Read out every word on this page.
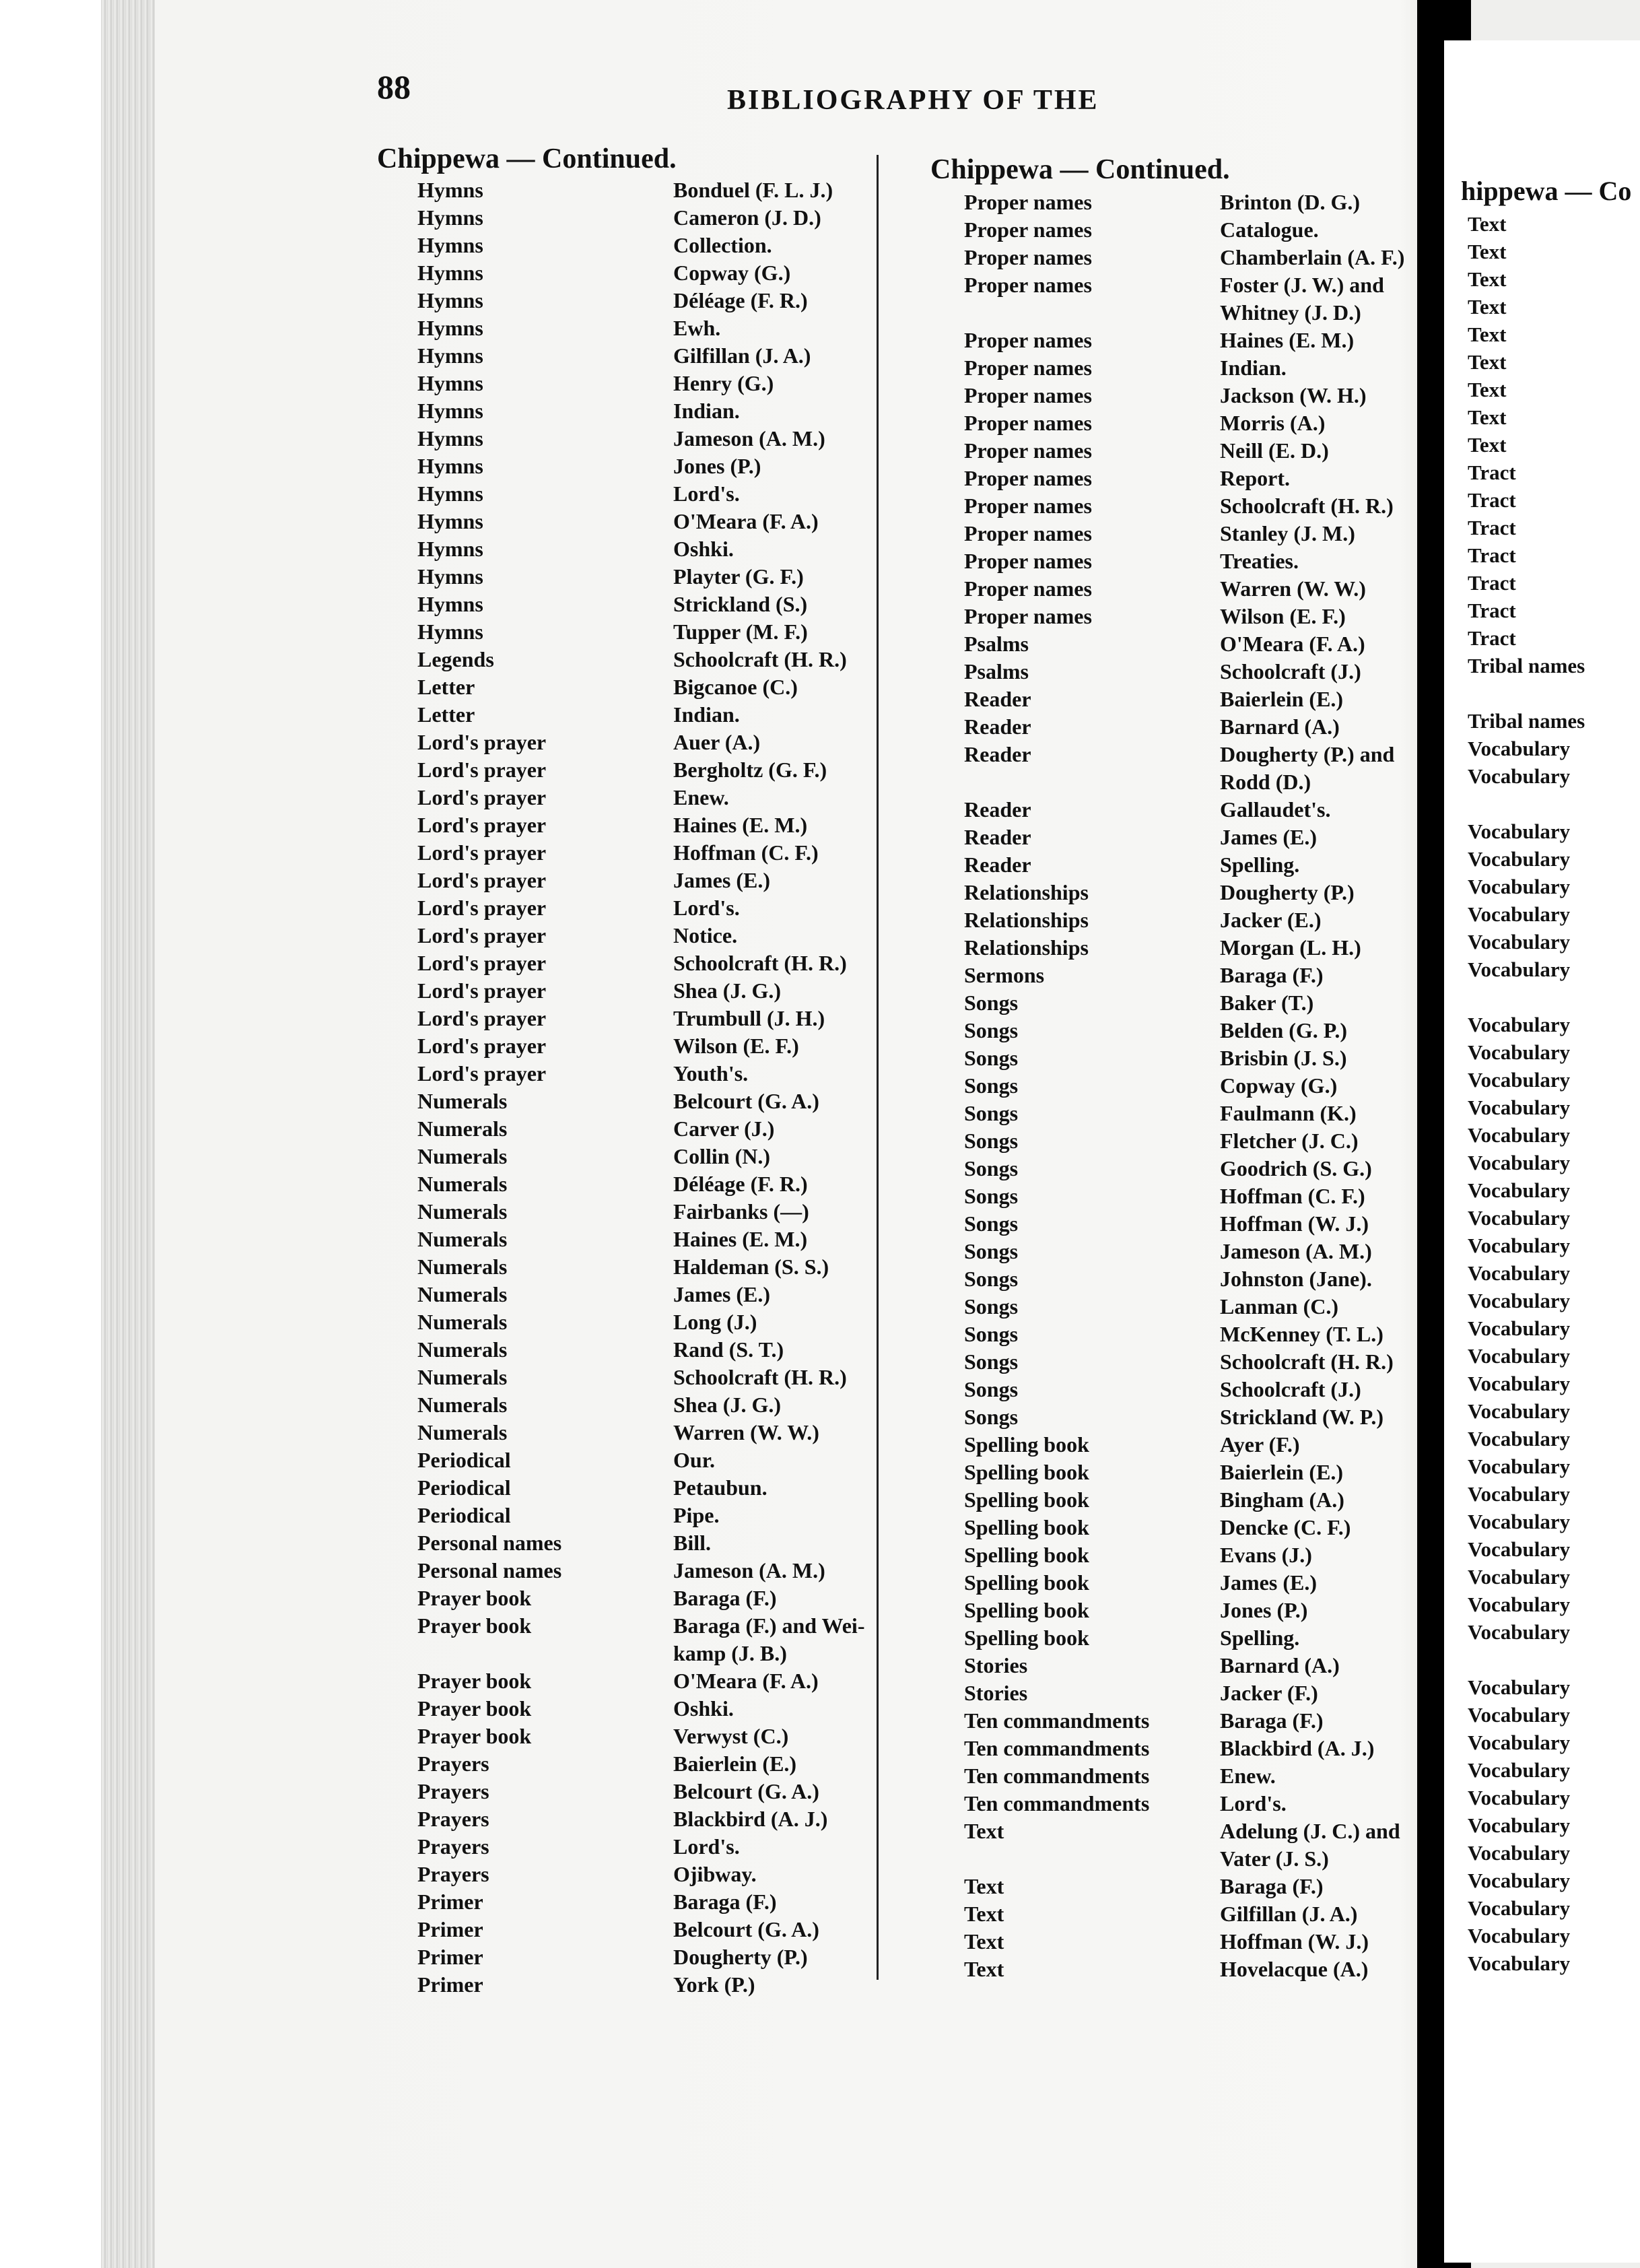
88	BIBLIOGRAPHY OF THE
Chippewa — Continued.
Hymns	Bonduel (F. L. J.)
Hymns	Cameron (J. D.)
Hymns	Collection.
Hymns	Copway (G.)
Hymns	Déléage (F. R.)
Hymns	Ewh.
Hymns	Gilfillan (J. A.)
Hymns	Henry (G.)
Hymns	Indian.
Hymns	Jameson (A. M.)
Hymns	Jones (P.)
Hymns	Lord's.
Hymns	O'Meara (F. A.)
Hymns	Oshki.
Hymns	Playter (G. F.)
Hymns	Strickland (S.)
Hymns	Tupper (M. F.)
Legends	Schoolcraft (H. R.)
Letter	Bigcanoe (C.)
Letter	Indian.
Lord's prayer	Auer (A.)
Lord's prayer	Bergholtz (G. F.)
Lord's prayer	Enew.
Lord's prayer	Haines (E. M.)
Lord's prayer	Hoffman (C. F.)
Lord's prayer	James (E.)
Lord's prayer	Lord's.
Lord's prayer	Notice.
Lord's prayer	Schoolcraft (H. R.)
Lord's prayer	Shea (J. G.)
Lord's prayer	Trumbull (J. H.)
Lord's prayer	Wilson (E. F.)
Lord's prayer	Youth's.
Numerals	Belcourt (G. A.)
Numerals	Carver (J.)
Numerals	Collin (N.)
Numerals	Déléage (F. R.)
Numerals	Fairbanks (—)
Numerals	Haines (E. M.)
Numerals	Haldeman (S. S.)
Numerals	James (E.)
Numerals	Long (J.)
Numerals	Rand (S. T.)
Numerals	Schoolcraft (H. R.)
Numerals	Shea (J. G.)
Numerals	Warren (W. W.)
Periodical	Our.
Periodical	Petaubun.
Periodical	Pipe.
Personal names	Bill.
Personal names	Jameson (A. M.)
Prayer book	Baraga (F.)
Prayer book	Baraga (F.) and Wei-
kamp (J. B.)
Prayer book	O'Meara (F. A.)
Prayer book	Oshki.
Prayer book	Verwyst (C.)
Prayers	Baierlein (E.)
Prayers	Belcourt (G. A.)
Prayers	Blackbird (A. J.)
Prayers	Lord's.
Prayers	Ojibway.
Primer	Baraga (F.)
Primer	Belcourt (G. A.)
Primer	Dougherty (P.)
Primer	York (P.)
Chippewa — Continued.
Proper names	Brinton (D. G.)
Proper names	Catalogue.
Proper names	Chamberlain (A. F.)
Proper names	Foster (J. W.) and
Whitney (J. D.)
Proper names	Haines (E. M.)
Proper names	Indian.
Proper names	Jackson (W. H.)
Proper names	Morris (A.)
Proper names	Neill (E. D.)
Proper names	Report.
Proper names	Schoolcraft (H. R.)
Proper names	Stanley (J. M.)
Proper names	Treaties.
Proper names	Warren (W. W.)
Proper names	Wilson (E. F.)
Psalms	O'Meara (F. A.)
Psalms	Schoolcraft (J.)
Reader	Baierlein (E.)
Reader	Barnard (A.)
Reader	Dougherty (P.) and
Rodd (D.)
Reader	Gallaudet's.
Reader	James (E.)
Reader	Spelling.
Relationships	Dougherty (P.)
Relationships	Jacker (E.)
Relationships	Morgan (L. H.)
Sermons	Baraga (F.)
Songs	Baker (T.)
Songs	Belden (G. P.)
Songs	Brisbin (J. S.)
Songs	Copway (G.)
Songs	Faulmann (K.)
Songs	Fletcher (J. C.)
Songs	Goodrich (S. G.)
Songs	Hoffman (C. F.)
Songs	Hoffman (W. J.)
Songs	Jameson (A. M.)
Songs	Johnston (Jane).
Songs	Lanman (C.)
Songs	McKenney (T. L.)
Songs	Schoolcraft (H. R.)
Songs	Schoolcraft (J.)
Songs	Strickland (W. P.)
Spelling book	Ayer (F.)
Spelling book	Baierlein (E.)
Spelling book	Bingham (A.)
Spelling book	Dencke (C. F.)
Spelling book	Evans (J.)
Spelling book	James (E.)
Spelling book	Jones (P.)
Spelling book	Spelling.
Stories	Barnard (A.)
Stories	Jacker (F.)
Ten commandments	Baraga (F.)
Ten commandments	Blackbird (A. J.)
Ten commandments	Enew.
Ten commandments	Lord's.
Text	Adelung (J. C.) and
Vater (J. S.)
Text	Baraga (F.)
Text	Gilfillan (J. A.)
Text	Hoffman (W. J.)
Text	Hovelacque (A.)
hippewa — Co
Text
Text
Text
Text
Text
Text
Text
Text
Text
Tract
Tract
Tract
Tract
Tract
Tract
Tract
Tribal names
Tribal names
Vocabulary
Vocabulary
Vocabulary
Vocabulary
Vocabulary
Vocabulary
Vocabulary
Vocabulary
Vocabulary
Vocabulary
Vocabulary
Vocabulary
Vocabulary
Vocabulary
Vocabulary
Vocabulary
Vocabulary
Vocabulary
Vocabulary
Vocabulary
Vocabulary
Vocabulary
Vocabulary
Vocabulary
Vocabulary
Vocabulary
Vocabulary
Vocabulary
Vocabulary
Vocabulary
Vocabulary
Vocabulary
Vocabulary
Vocabulary
Vocabulary
Vocabulary
Vocabulary
Vocabulary
Vocabulary
Vocabulary
Vocabulary
Vocabulary
